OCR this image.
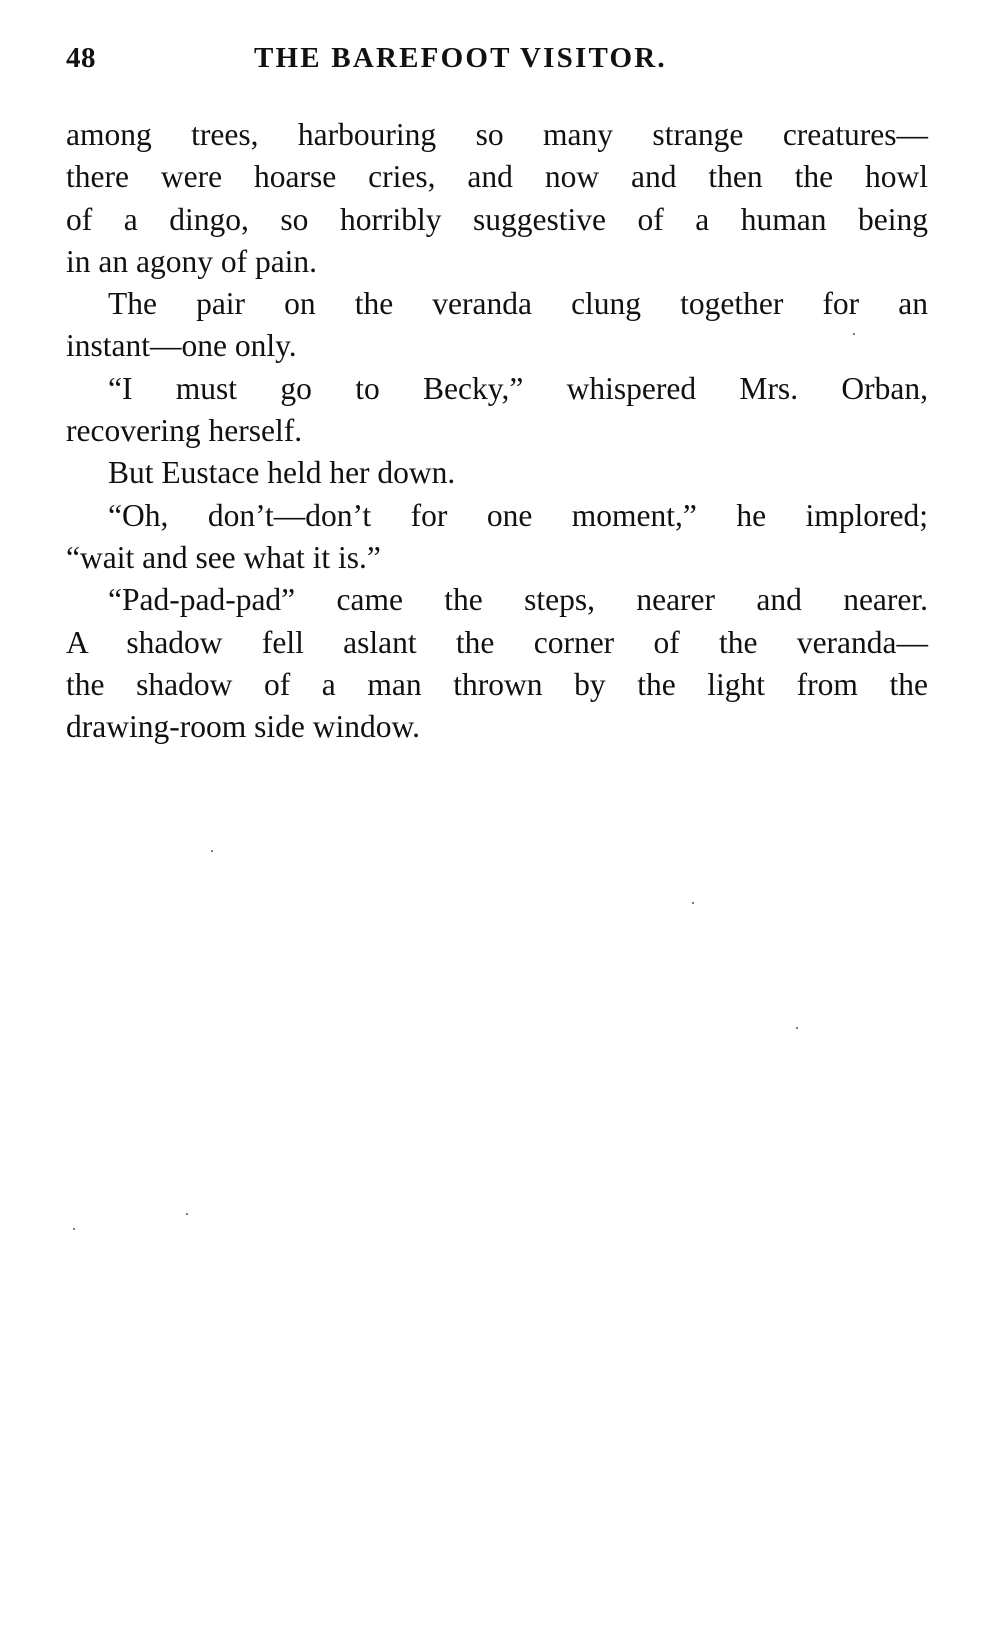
48	THE BAREFOOT VISITOR.
among trees, harbouring so many strange creatures—
there were hoarse cries, and now and then the howl
of a dingo, so horribly suggestive of a human being
in an agony of pain.
The pair on the veranda clung together for an
instant—one only.
“I must go to Becky,” whispered Mrs. Orban,
recovering herself.
But Eustace held her down.
“Oh, don’t—don’t for one moment,” he implored;
“wait and see what it is.”
“Pad-pad-pad” came the steps, nearer and nearer.
A shadow fell aslant the corner of the veranda—
the shadow of a man thrown by the light from the
drawing-room side window.
